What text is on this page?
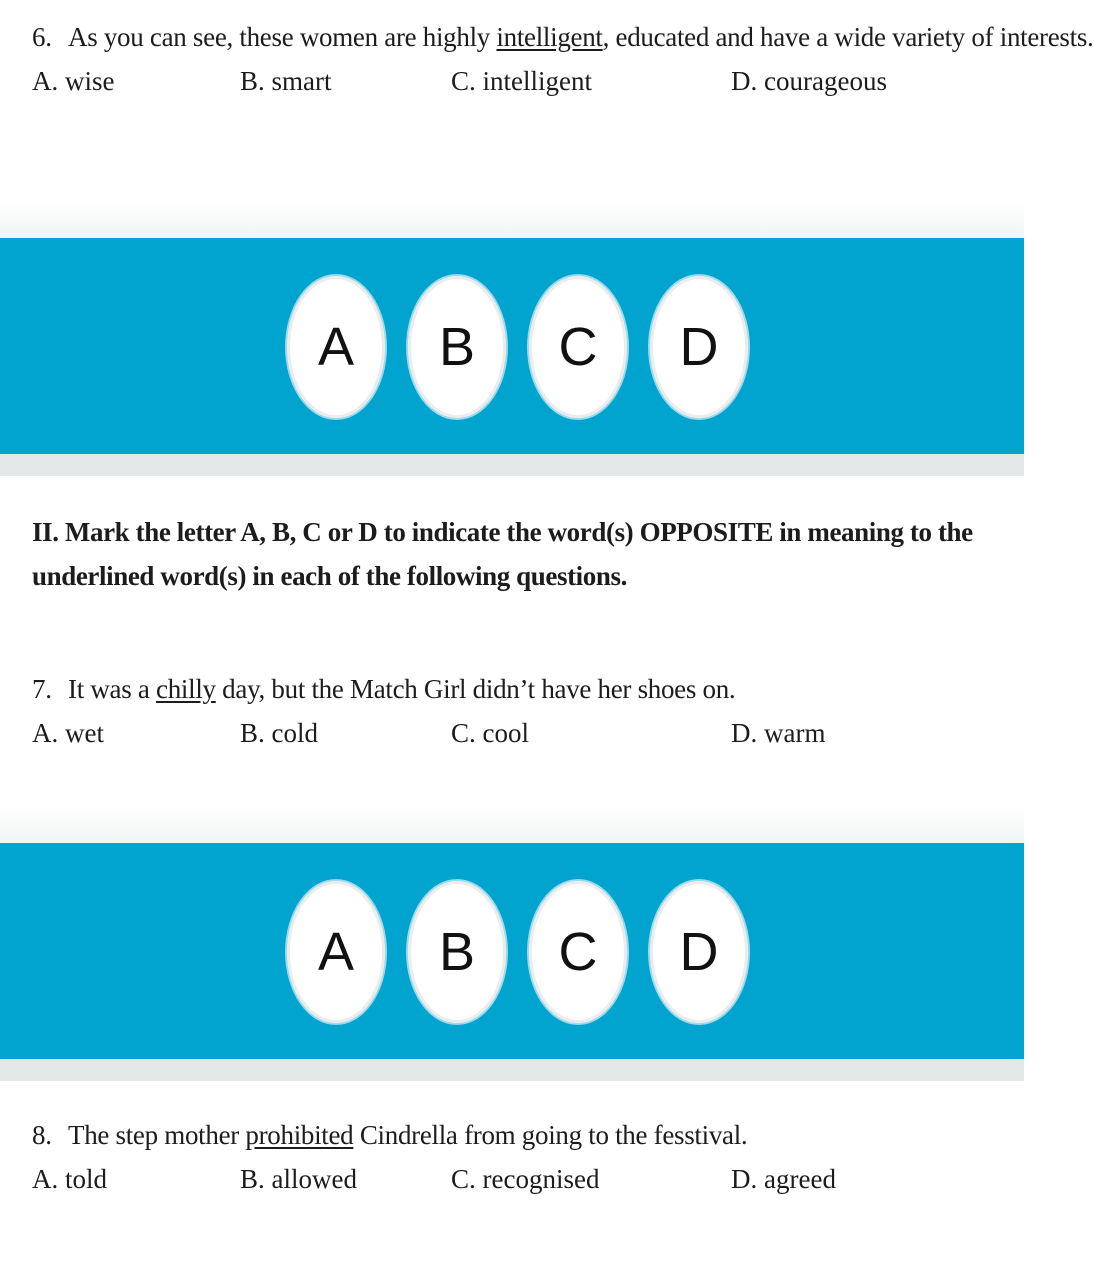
6. As you can see, these women are highly intelligent, educated and have a wide variety of interests.
A. wise	B. smart	C. intelligent	D. courageous
A	B	C	D
II. Mark the letter A, B, C or D to indicate the word(s) OPPOSITE in meaning to the underlined word(s) in each of the following questions.
7. It was a chilly day, but the Match Girl didn’t have her shoes on.
A. wet	B. cold	C. cool	D. warm
A	B	C	D
8. The step mother prohibited Cindrella from going to the fesstival.
A. told	B. allowed	C. recognised	D. agreed
